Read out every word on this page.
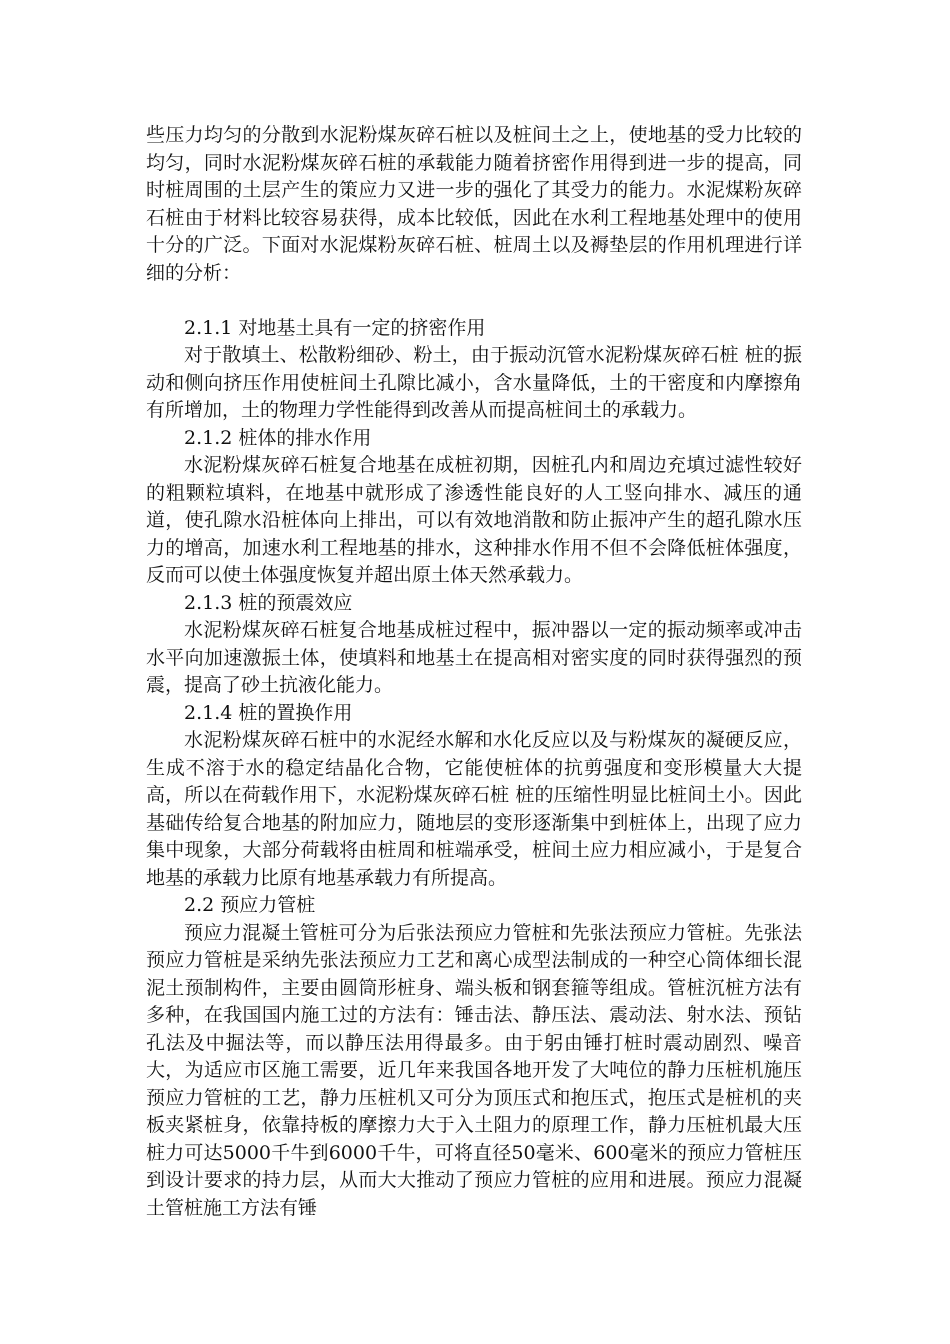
些压力均匀的分散到水泥粉煤灰碎石桩以及桩间土之上，使地基的受力比较的均匀，同时水泥粉煤灰碎石桩的承载能力随着挤密作用得到进一步的提高，同时桩周围的土层产生的策应力又进一步的强化了其受力的能力。水泥煤粉灰碎石桩由于材料比较容易获得，成本比较低，因此在水利工程地基处理中的使用十分的广泛。下面对水泥煤粉灰碎石桩、桩周土以及褥垫层的作用机理进行详细的分析：

2.1.1 对地基土具有一定的挤密作用

对于散填土、松散粉细砂、粉土，由于振动沉管水泥粉煤灰碎石桩 桩的振动和侧向挤压作用使桩间土孔隙比减小，含水量降低，土的干密度和内摩擦角有所增加，土的物理力学性能得到改善从而提高桩间土的承载力。

2.1.2 桩体的排水作用

水泥粉煤灰碎石桩复合地基在成桩初期，因桩孔内和周边充填过滤性较好的粗颗粒填料，在地基中就形成了渗透性能良好的人工竖向排水、减压的通道，使孔隙水沿桩体向上排出，可以有效地消散和防止振冲产生的超孔隙水压力的增高，加速水利工程地基的排水，这种排水作用不但不会降低桩体强度，反而可以使土体强度恢复并超出原土体天然承载力。

2.1.3 桩的预震效应

水泥粉煤灰碎石桩复合地基成桩过程中，振冲器以一定的振动频率或冲击水平向加速激振土体，使填料和地基土在提高相对密实度的同时获得强烈的预震，提高了砂土抗液化能力。

2.1.4 桩的置换作用

水泥粉煤灰碎石桩中的水泥经水解和水化反应以及与粉煤灰的凝硬反应，生成不溶于水的稳定结晶化合物，它能使桩体的抗剪强度和变形模量大大提高，所以在荷载作用下，水泥粉煤灰碎石桩 桩的压缩性明显比桩间土小。因此基础传给复合地基的附加应力，随地层的变形逐渐集中到桩体上，出现了应力集中现象，大部分荷载将由桩周和桩端承受，桩间土应力相应减小，于是复合地基的承载力比原有地基承载力有所提高。

2.2 预应力管桩

预应力混凝土管桩可分为后张法预应力管桩和先张法预应力管桩。先张法预应力管桩是采纳先张法预应力工艺和离心成型法制成的一种空心筒体细长混泥土预制构件，主要由圆筒形桩身、端头板和钢套箍等组成。管桩沉桩方法有多种，在我国国内施工过的方法有：锤击法、静压法、震动法、射水法、预钻孔法及中掘法等，而以静压法用得最多。由于躬由锤打桩时震动剧烈、噪音大，为适应市区施工需要，近几年来我国各地开发了大吨位的静力压桩机施压预应力管桩的工艺，静力压桩机又可分为顶压式和抱压式，抱压式是桩机的夹板夹紧桩身，依靠持板的摩擦力大于入土阻力的原理工作，静力压桩机最大压桩力可达5000千牛到6000千牛，可将直径50毫米、600毫米的预应力管桩压到设计要求的持力层，从而大大推动了预应力管桩的应用和进展。预应力混凝土管桩施工方法有锤
